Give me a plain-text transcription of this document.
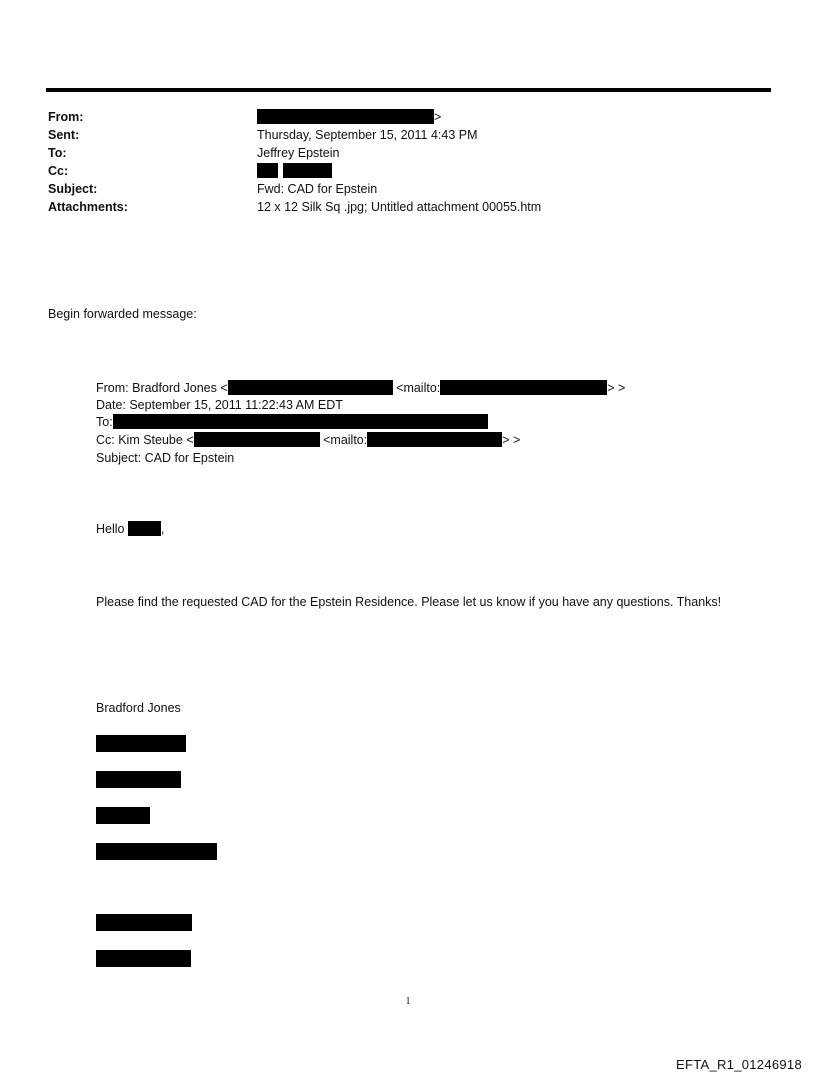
From:	>
Sent:	Thursday, September 15, 2011 4:43 PM
To:	Jeffrey Epstein
Cc:

Subject:	Fwd: CAD for Epstein
Attachments:	12 x 12 Silk Sq .jpg; Untitled attachment 00055.htm
Begin forwarded message:
From: Bradford Jones <	<mailto:	> >
Date: September 15, 2011 11:22:43 AM EDT
To:
Cc: Kim Steube <	<mailto:	> >
Subject: CAD for Epstein
Hello	,
Please find the requested CAD for the Epstein Residence. Please let us know if you have any questions. Thanks!
Bradford Jones
1
EFTA_R1_01246918
